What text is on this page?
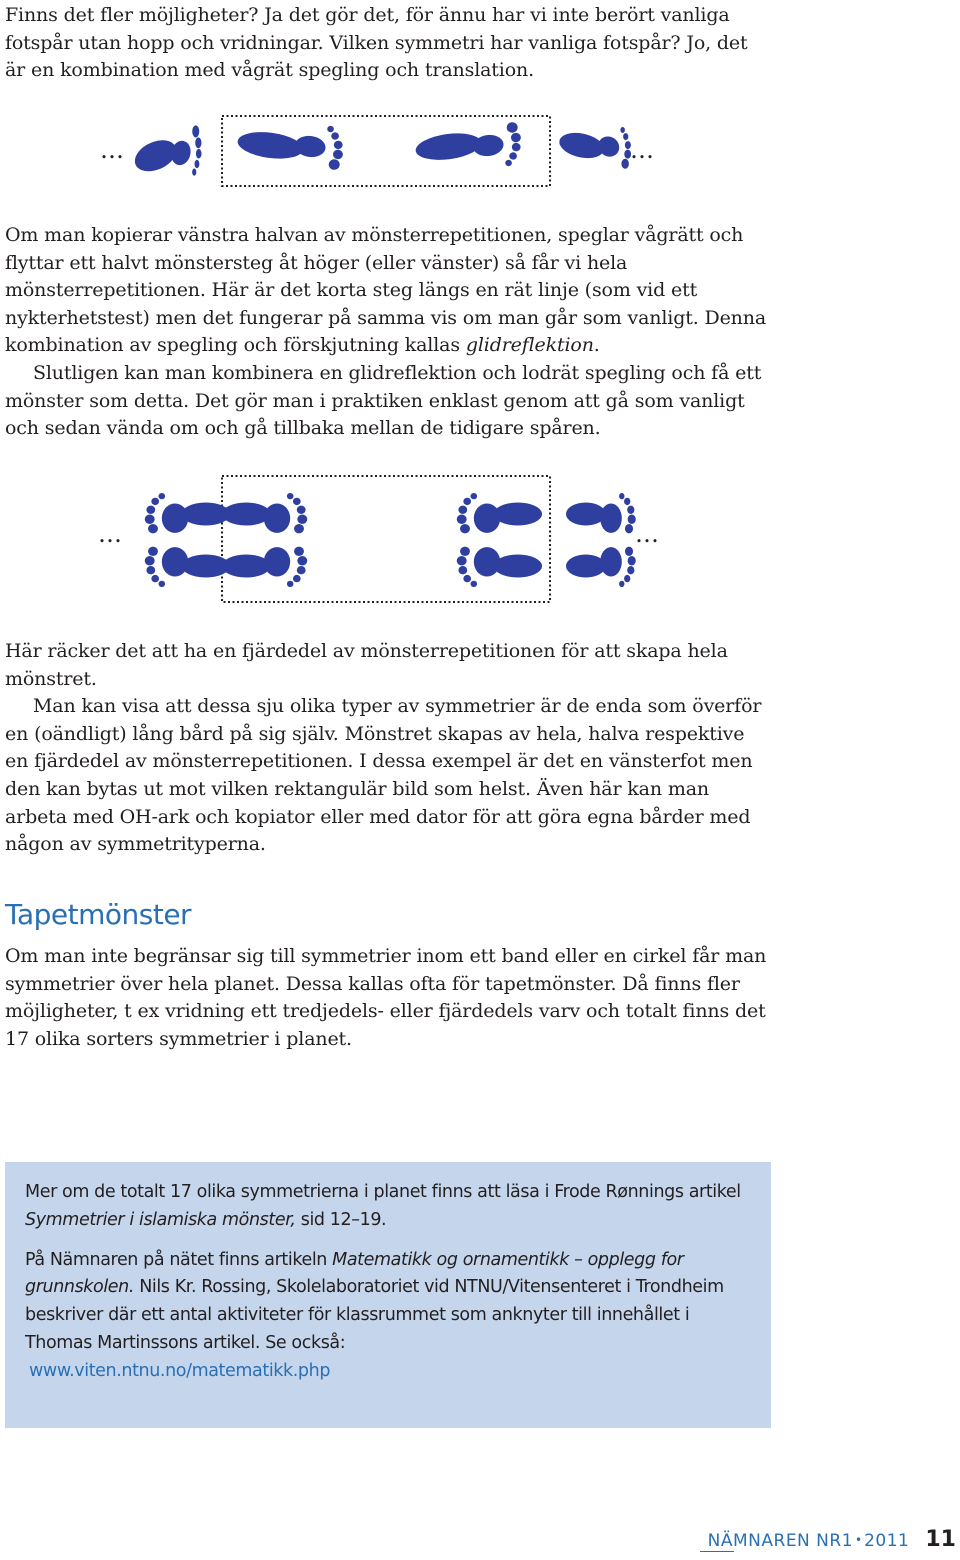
Finns det fler möjligheter? Ja det gör det, för ännu har vi inte berört vanliga fotspår utan hopp och vridningar. Vilken symmetri har vanliga fotspår? Jo, det är en kombination med vågrät spegling och translation.

…	…

Om man kopierar vänstra halvan av mönsterrepetitionen, speglar vågrätt och flyttar ett halvt mönstersteg åt höger (eller vänster) så får vi hela mönsterrepetitionen. Här är det korta steg längs en rät linje (som vid ett nykterhetstest) men det fungerar på samma vis om man går som vanligt. Denna kombination av spegling och förskjutning kallas glidreflektion.
Slutligen kan man kombinera en glidreflektion och lodrät spegling och få ett mönster som detta. Det gör man i praktiken enklast genom att gå som vanligt och sedan vända om och gå tillbaka mellan de tidigare spåren.

…	…

Här räcker det att ha en fjärdedel av mönsterrepetitionen för att skapa hela mönstret.
Man kan visa att dessa sju olika typer av symmetrier är de enda som överför en (oändligt) lång bård på sig själv. Mönstret skapas av hela, halva respektive en fjärdedel av mönsterrepetitionen. I dessa exempel är det en vänsterfot men den kan bytas ut mot vilken rektangulär bild som helst. Även här kan man arbeta med OH-ark och kopiator eller med dator för att göra egna bårder med någon av symmetrityperna.

Tapetmönster

Om man inte begränsar sig till symmetrier inom ett band eller en cirkel får man symmetrier över hela planet. Dessa kallas ofta för tapetmönster. Då finns fler möjligheter, t ex vridning ett tredjedels- eller fjärdedels varv och totalt finns det 17 olika sorters symmetrier i planet.

Mer om de totalt 17 olika symmetrierna i planet finns att läsa i Frode Rønnings artikel Symmetrier i islamiska mönster, sid 12–19.

På Nämnaren på nätet finns artikeln Matematikk og ornamentikk – opplegg for grunnskolen. Nils Kr. Rossing, Skolelaboratoriet vid NTNU/Vitensenteret i Trondheim beskriver där ett antal aktiviteter för klassrummet som anknyter till innehållet i Thomas Martinssons artikel. Se också:
www.viten.ntnu.no/matematikk.php

NÄMNAREN NR1 • 2011 11
